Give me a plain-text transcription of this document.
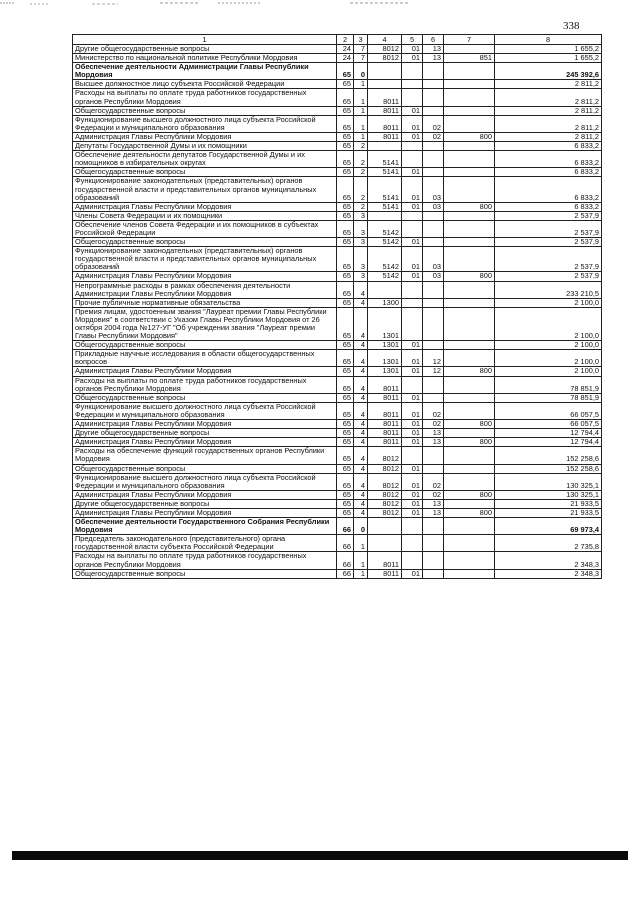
338
1	2	3	4	5	6	7	8
Другие общегосударственные вопросы	24	7	8012	01	13		1 655,2
Министерство по национальной политике Республики Мордовия	24	7	8012	01	13	851	1 655,2
Обеспечение деятельности Администрации Главы Республики Мордовия	65	0					245 392,6
Высшее должностное лицо субъекта Российской Федерации	65	1					2 811,2
Расходы на выплаты по оплате труда работников государственных органов Республики Мордовия	65	1	8011				2 811,2
Общегосударственные вопросы	65	1	8011	01			2 811,2
Функционирование высшего должностного лица субъекта Российской Федерации и муниципального образования	65	1	8011	01	02		2 811,2
Администрация Главы Республики Мордовия	65	1	8011	01	02	800	2 811,2
Депутаты Государственной Думы и их помощники	65	2					6 833,2
Обеспечение деятельности депутатов Государственной Думы и их помощников в избирательных округах	65	2	5141				6 833,2
Общегосударственные вопросы	65	2	5141	01			6 833,2
Функционирование законодательных (представительных) органов государственной власти и представительных органов муниципальных образований	65	2	5141	01	03		6 833,2
Администрация Главы Республики Мордовия	65	2	5141	01	03	800	6 833,2
Члены Совета Федерации и их помощники	65	3					2 537,9
Обеспечение членов Совета Федерации и их помощников в субъектах Российской Федерации	65	3	5142				2 537,9
Общегосударственные вопросы	65	3	5142	01			2 537,9
Функционирование законодательных (представительных) органов государственной власти и представительных органов муниципальных образований	65	3	5142	01	03		2 537,9
Администрация Главы Республики Мордовия	65	3	5142	01	03	800	2 537,9
Непрограммные расходы в рамках обеспечения деятельности Администрации Главы Республики Мордовия	65	4					233 210,5
Прочие публичные нормативные обязательства	65	4	1300				2 100,0
Премия лицам, удостоенным звания "Лауреат премии Главы Республики Мордовия" в соответствии с Указом Главы Республики Мордовия от 26 октября 2004 года №127-УГ "Об учреждении звания "Лауреат премии Главы Республики Мордовия"	65	4	1301				2 100,0
Общегосударственные вопросы	65	4	1301	01			2 100,0
Прикладные научные исследования в области общегосударственных вопросов	65	4	1301	01	12		2 100,0
Администрация Главы Республики Мордовия	65	4	1301	01	12	800	2 100,0
Расходы на выплаты по оплате труда работников государственных органов Республики Мордовия	65	4	8011				78 851,9
Общегосударственные вопросы	65	4	8011	01			78 851,9
Функционирование высшего должностного лица субъекта Российской Федерации и муниципального образования	65	4	8011	01	02		66 057,5
Администрация Главы Республики Мордовия	65	4	8011	01	02	800	66 057,5
Другие общегосударственные вопросы	65	4	8011	01	13		12 794,4
Администрация Главы Республики Мордовия	65	4	8011	01	13	800	12 794,4
Расходы на обеспечение функций государственных органов Республики Мордовия	65	4	8012				152 258,6
Общегосударственные вопросы	65	4	8012	01			152 258,6
Функционирование высшего должностного лица субъекта Российской Федерации и муниципального образования	65	4	8012	01	02		130 325,1
Администрация Главы Республики Мордовия	65	4	8012	01	02	800	130 325,1
Другие общегосударственные вопросы	65	4	8012	01	13		21 933,5
Администрация Главы Республики Мордовия	65	4	8012	01	13	800	21 933,5
Обеспечение деятельности Государственного Собрания Республики Мордовия	66	0					69 973,4
Председатель законодательного (представительного) органа государственной власти субъекта Российской Федерации	66	1					2 735,8
Расходы на выплаты по оплате труда работников государственных органов Республики Мордовия	66	1	8011				2 348,3
Общегосударственные вопросы	66	1	8011	01			2 348,3
